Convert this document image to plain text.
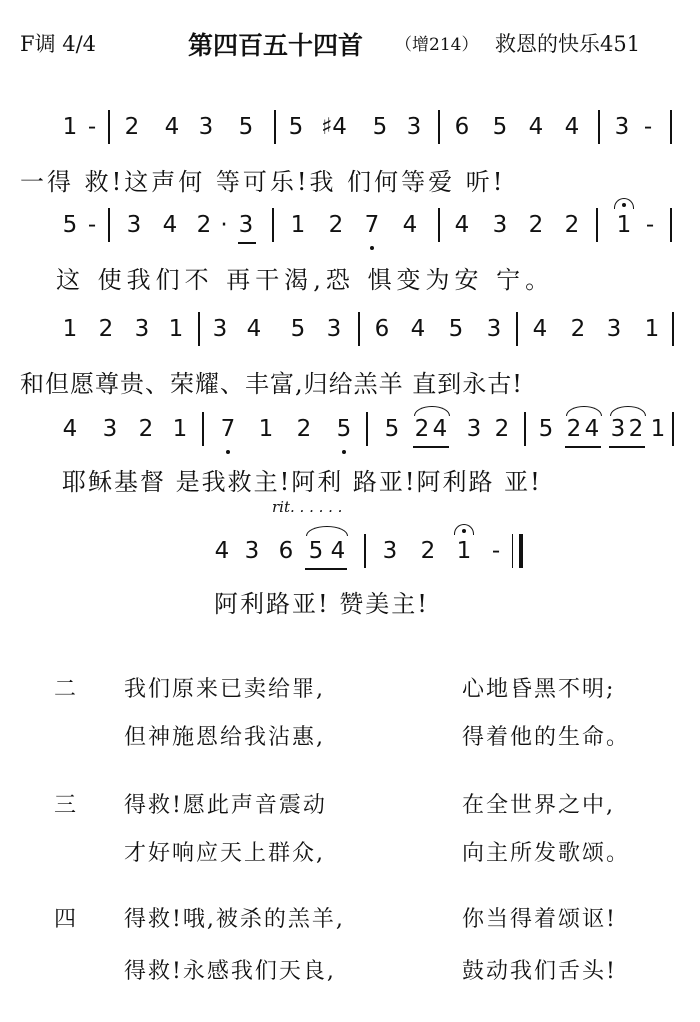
F调 4/4	第四百五十四首 （增214） 救恩的快乐451
1 - 2 4 3 5 5 ♯4 5 3 6 5 4 4 3 -
一得 救!这声何 等可乐!我 们何等爱 听!
5 - 3 4 2 · 3 1 2 7 4 4 3 2 2 1 -
这 使我们不 再干渴,恐 惧变为安 宁。
1 2 3 1 3 4 5 3 6 4 5 3 4 2 3 1
和但愿尊贵、荣耀、丰富,归给羔羊 直到永古!
4 3 2 1 7 1 2 5 5 2 4 3 2 5 2 4 3 2 1
耶稣基督 是我救主!阿利 路亚!阿利路 亚!
rit. . . . . .
4 3 6 5 4 3 2 1 -
阿利路亚! 赞美主!
二 我们原来已卖给罪,	心地昏黑不明;
但神施恩给我沾惠,	得着他的生命。
三 得救!愿此声音震动	在全世界之中,
才好响应天上群众,	向主所发歌颂。
四 得救!哦,被杀的羔羊,	你当得着颂讴!
得救!永感我们天良,	鼓动我们舌头!
